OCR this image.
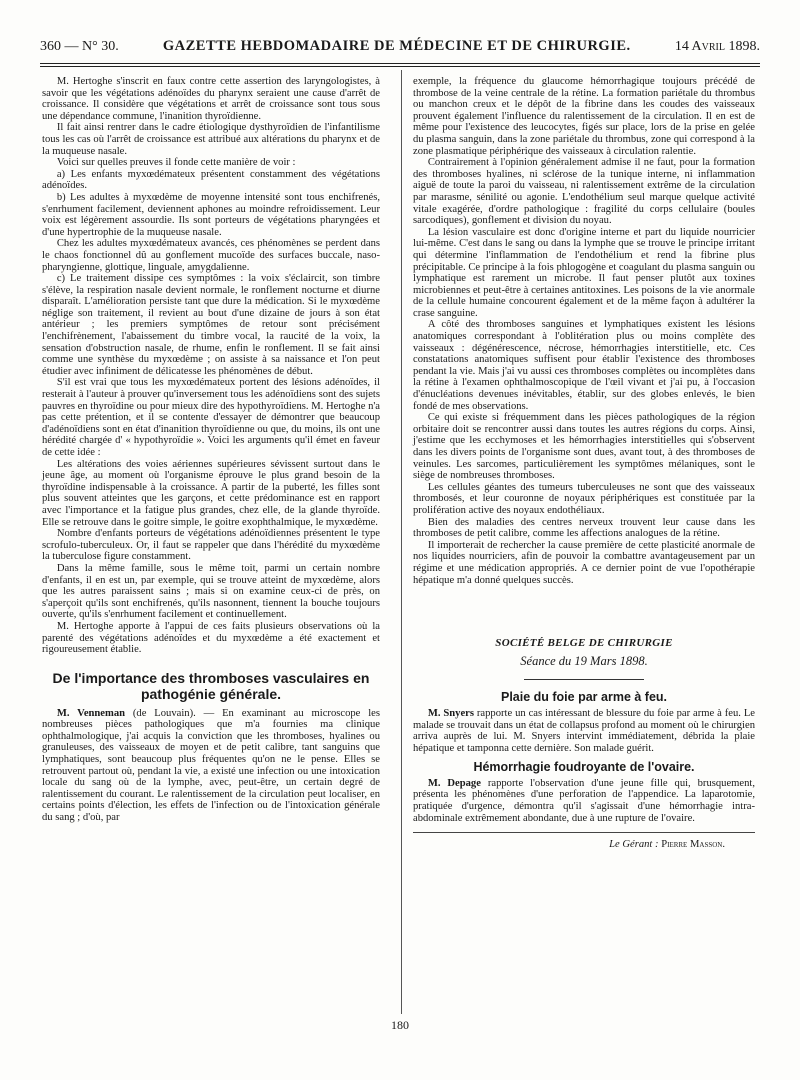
360 — N° 30.	GAZETTE HEBDOMADAIRE DE MÉDECINE ET DE CHIRURGIE.	14 Avril 1898.

M. Hertoghe s'inscrit en faux contre cette assertion des laryngologistes, à savoir que les végétations adénoïdes du pharynx seraient une cause d'arrêt de croissance. Il considère que végétations et arrêt de croissance sont tous sous une dépendance commune, l'inanition thyroïdienne.

Il fait ainsi rentrer dans le cadre étiologique dysthyroïdien de l'infantilisme tous les cas où l'arrêt de croissance est attribué aux altérations du pharynx et de la muqueuse nasale.

Voici sur quelles preuves il fonde cette manière de voir :

a) Les enfants myxœdémateux présentent constamment des végétations adénoïdes.

b) Les adultes à myxœdème de moyenne intensité sont tous enchifrenés, s'enrhument facilement, deviennent aphones au moindre refroidissement. Leur voix est légèrement assourdie. Ils sont porteurs de végétations pharyngées et d'une hypertrophie de la muqueuse nasale.

Chez les adultes myxœdémateux avancés, ces phénomènes se perdent dans le chaos fonctionnel dû au gonflement mucoïde des surfaces buccale, naso-pharyngienne, glottique, linguale, amygdalienne.

c) Le traitement dissipe ces symptômes : la voix s'éclaircit, son timbre s'élève, la respiration nasale devient normale, le ronflement nocturne et diurne disparaît. L'amélioration persiste tant que dure la médication. Si le myxœdème néglige son traitement, il revient au bout d'une dizaine de jours à son état antérieur ; les premiers symptômes de retour sont précisément l'enchifrènement, l'abaissement du timbre vocal, la raucité de la voix, la sensation d'obstruction nasale, de rhume, enfin le ronflement. Il se fait ainsi comme une synthèse du myxœdème ; on assiste à sa naissance et l'on peut étudier avec infiniment de délicatesse les phénomènes de début.

S'il est vrai que tous les myxœdémateux portent des lésions adénoïdes, il resterait à l'auteur à prouver qu'inversement tous les adénoïdiens sont des sujets pauvres en thyroïdine ou pour mieux dire des hypothyroïdiens. M. Hertoghe n'a pas cette prétention, et il se contente d'essayer de démontrer que beaucoup d'adénoïdiens sont en état d'inanition thyroïdienne ou que, du moins, ils ont une hérédité chargée d' « hypothyroïdie ». Voici les arguments qu'il émet en faveur de cette idée :

Les altérations des voies aériennes supérieures sévissent surtout dans le jeune âge, au moment où l'organisme éprouve le plus grand besoin de la thyroïdine indispensable à la croissance. A partir de la puberté, les filles sont plus souvent atteintes que les garçons, et cette prédominance est en rapport avec l'importance et la fatigue plus grandes, chez elle, de la glande thyroïde. Elle se retrouve dans le goitre simple, le goitre exophthalmique, le myxœdème.

Nombre d'enfants porteurs de végétations adénoïdiennes présentent le type scrofulo-tuberculeux. Or, il faut se rappeler que dans l'hérédité du myxœdème la tuberculose figure constamment.

Dans la même famille, sous le même toit, parmi un certain nombre d'enfants, il en est un, par exemple, qui se trouve atteint de myxœdème, alors que les autres paraissent sains ; mais si on examine ceux-ci de près, on s'aperçoit qu'ils sont enchifrenés, qu'ils nasonnent, tiennent la bouche toujours ouverte, qu'ils s'enrhument facilement et continuellement.

M. Hertoghe apporte à l'appui de ces faits plusieurs observations où la parenté des végétations adénoïdes et du myxœdème a été exactement et rigoureusement établie.

De l'importance des thromboses vasculaires en pathogénie générale.

M. Venneman (de Louvain). — En examinant au microscope les nombreuses pièces pathologiques que m'a fournies ma clinique ophthalmologique, j'ai acquis la conviction que les thromboses, hyalines ou granuleuses, des vaisseaux de moyen et de petit calibre, tant sanguins que lymphatiques, sont beaucoup plus fréquentes qu'on ne le pense. Elles se retrouvent partout où, pendant la vie, a existé une infection ou une intoxication locale du sang où de la lymphe, avec, peut-être, un certain degré de ralentissement du courant. Le ralentissement de la circulation peut localiser, en certains points d'élection, les effets de l'infection ou de l'intoxication générale du sang ; d'où, par

exemple, la fréquence du glaucome hémorrhagique toujours précédé de thrombose de la veine centrale de la rétine. La formation pariétale du thrombus ou manchon creux et le dépôt de la fibrine dans les coudes des vaisseaux prouvent également l'influence du ralentissement de la circulation. Il en est de même pour l'existence des leucocytes, figés sur place, lors de la prise en gelée du plasma sanguin, dans la zone pariétale du thrombus, zone qui correspond à la zone plasmatique périphérique des vaisseaux à circulation ralentie.

Contrairement à l'opinion généralement admise il ne faut, pour la formation des thromboses hyalines, ni sclérose de la tunique interne, ni inflammation aiguë de toute la paroi du vaisseau, ni ralentissement extrême de la circulation par marasme, sénilité ou agonie. L'endothélium seul marque quelque activité vitale exagérée, d'ordre pathologique : fragilité du corps cellulaire (boules sarcodiques), gonflement et division du noyau.

La lésion vasculaire est donc d'origine interne et part du liquide nourricier lui-même. C'est dans le sang ou dans la lymphe que se trouve le principe irritant qui détermine l'inflammation de l'endothélium et rend la fibrine plus précipitable. Ce principe à la fois phlogogène et coagulant du plasma sanguin ou lymphatique est rarement un microbe. Il faut penser plutôt aux toxines microbiennes et peut-être à certaines antitoxines. Les poisons de la vie anormale de la cellule humaine concourent également et de la même façon à adultérer la crase sanguine.

A côté des thromboses sanguines et lymphatiques existent les lésions anatomiques correspondant à l'oblitération plus ou moins complète des vaisseaux : dégénérescence, nécrose, hémorrhagies interstitielle, etc. Ces constatations anatomiques suffisent pour établir l'existence des thromboses pendant la vie. Mais j'ai vu aussi ces thromboses complètes ou incomplètes dans la rétine à l'examen ophthalmoscopique de l'œil vivant et j'ai pu, à l'occasion d'énucléations devenues inévitables, établir, sur des globes enlevés, le bien fondé de mes observations.

Ce qui existe si fréquemment dans les pièces pathologiques de la région orbitaire doit se rencontrer aussi dans toutes les autres régions du corps. Ainsi, j'estime que les ecchymoses et les hémorrhagies interstitielles qui s'observent dans les divers points de l'organisme sont dues, avant tout, à des thromboses de veinules. Les sarcomes, particulièrement les symptômes mélaniques, sont le siège de nombreuses thromboses.

Les cellules géantes des tumeurs tuberculeuses ne sont que des vaisseaux thrombosés, et leur couronne de noyaux périphériques est constituée par la prolifération active des noyaux endothéliaux.

Bien des maladies des centres nerveux trouvent leur cause dans les thromboses de petit calibre, comme les affections analogues de la rétine.

Il importerait de rechercher la cause première de cette plasticité anormale de nos liquides nourriciers, afin de pouvoir la combattre avantageusement par un régime et une médication appropriés. A ce dernier point de vue l'opothérapie hépatique m'a donné quelques succès.

SOCIÉTÉ BELGE DE CHIRURGIE
Séance du 19 Mars 1898.
Plaie du foie par arme à feu.

M. Snyers rapporte un cas intéressant de blessure du foie par arme à feu. Le malade se trouvait dans un état de collapsus profond au moment où le chirurgien arriva auprès de lui. M. Snyers intervint immédiatement, débrida la plaie hépatique et tamponna cette dernière. Son malade guérit.

Hémorrhagie foudroyante de l'ovaire.

M. Depage rapporte l'observation d'une jeune fille qui, brusquement, présenta les phénomènes d'une perforation de l'appendice. La laparotomie, pratiquée d'urgence, démontra qu'il s'agissait d'une hémorrhagie intra-abdominale extrêmement abondante, due à une rupture de l'ovaire.

Le Gérant : Pierre Masson.
180
